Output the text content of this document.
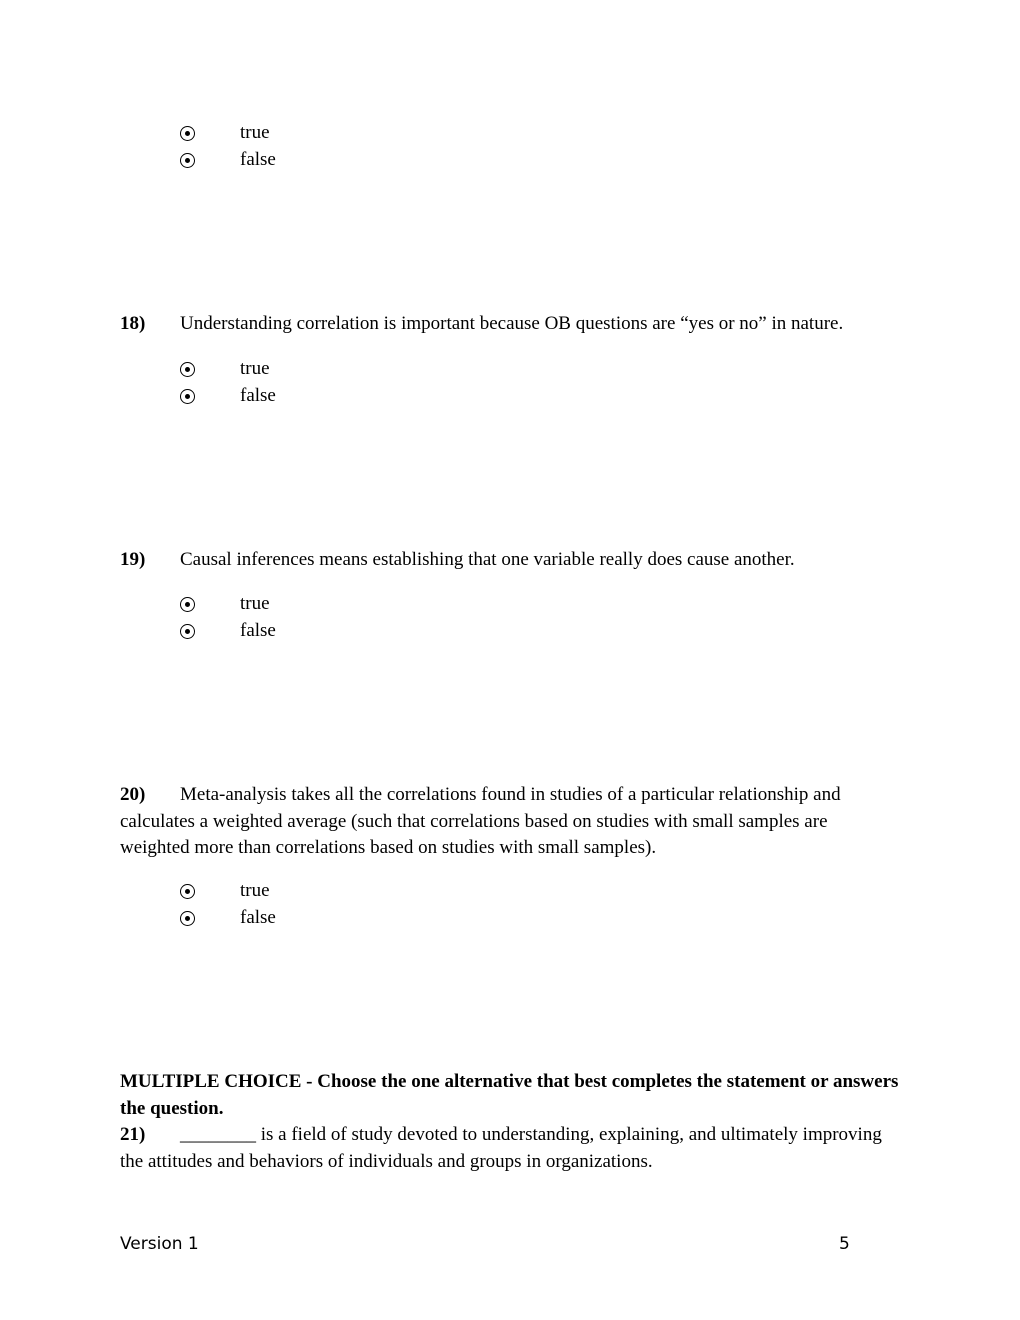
true
false
18) Understanding correlation is important because OB questions are “yes or no” in nature.
true
false
19) Causal inferences means establishing that one variable really does cause another.
true
false
20) Meta-analysis takes all the correlations found in studies of a particular relationship and calculates a weighted average (such that correlations based on studies with small samples are weighted more than correlations based on studies with small samples).
true
false
MULTIPLE CHOICE - Choose the one alternative that best completes the statement or answers the question.
21) ________ is a field of study devoted to understanding, explaining, and ultimately improving the attitudes and behaviors of individuals and groups in organizations.
Version 1	5
